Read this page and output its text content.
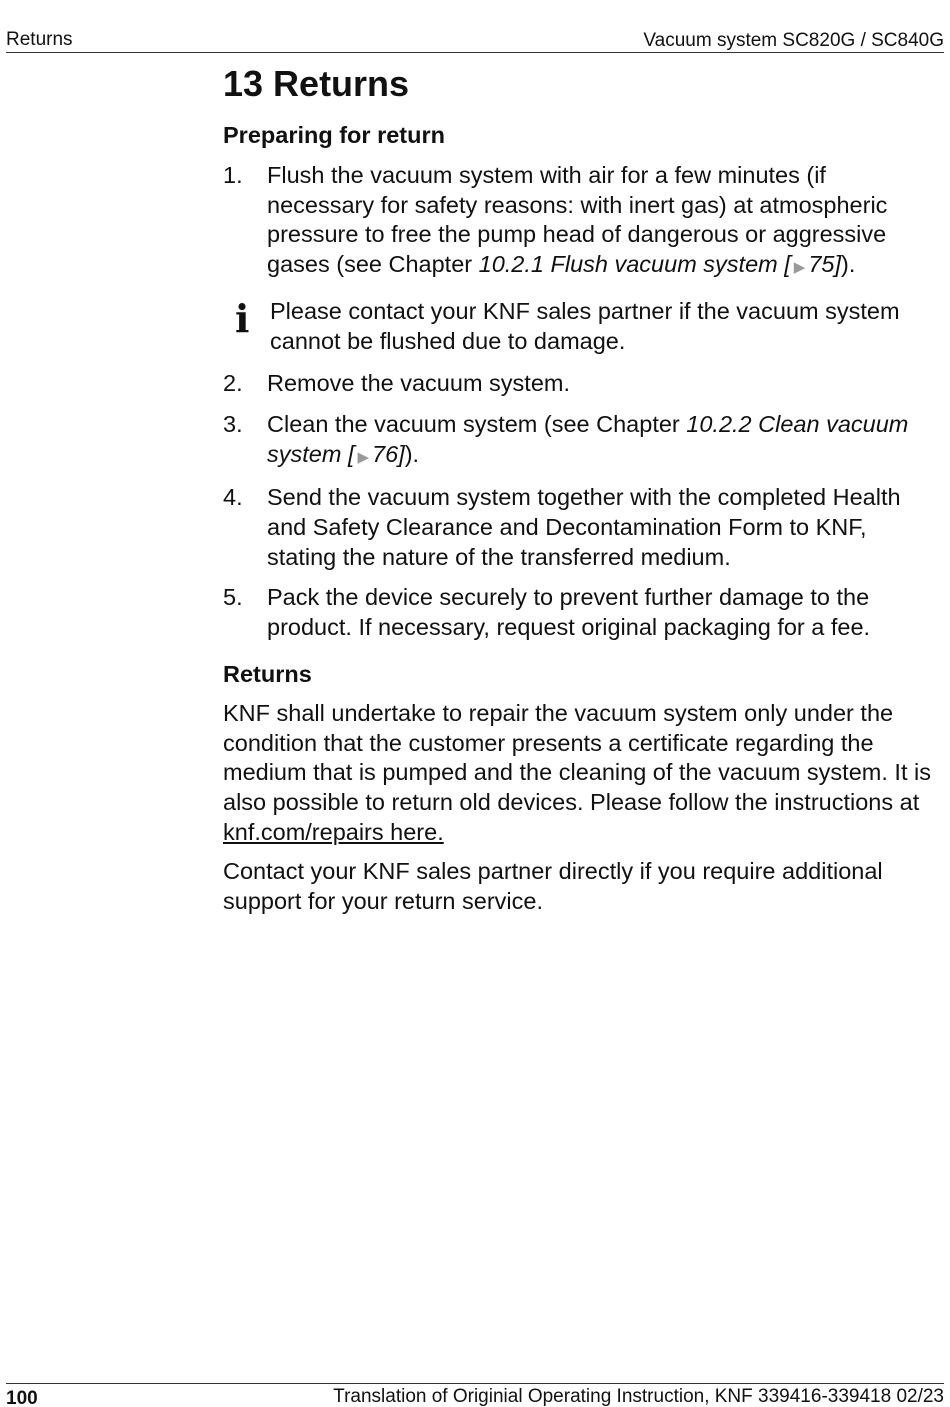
Returns	Vacuum system SC820G / SC840G
13 Returns
Preparing for return
1.	Flush the vacuum system with air for a few minutes (if necessary for safety reasons: with inert gas) at atmospheric pressure to free the pump head of dangerous or aggressive gases (see Chapter 10.2.1 Flush vacuum system [ ▶ 75]).
i Please contact your KNF sales partner if the vacuum system cannot be flushed due to damage.
2.	Remove the vacuum system.
3.	Clean the vacuum system (see Chapter 10.2.2 Clean vacuum system [ ▶ 76]).
4.	Send the vacuum system together with the completed Health and Safety Clearance and Decontamination Form to KNF, stating the nature of the transferred medium.
5.	Pack the device securely to prevent further damage to the product. If necessary, request original packaging for a fee.
Returns

KNF shall undertake to repair the vacuum system only under the condition that the customer presents a certificate regarding the medium that is pumped and the cleaning of the vacuum system. It is also possible to return old devices. Please follow the instructions at knf.com/repairs here.

Contact your KNF sales partner directly if you require additional support for your return service.

100	Translation of Originial Operating Instruction, KNF 339416-339418 02/23
